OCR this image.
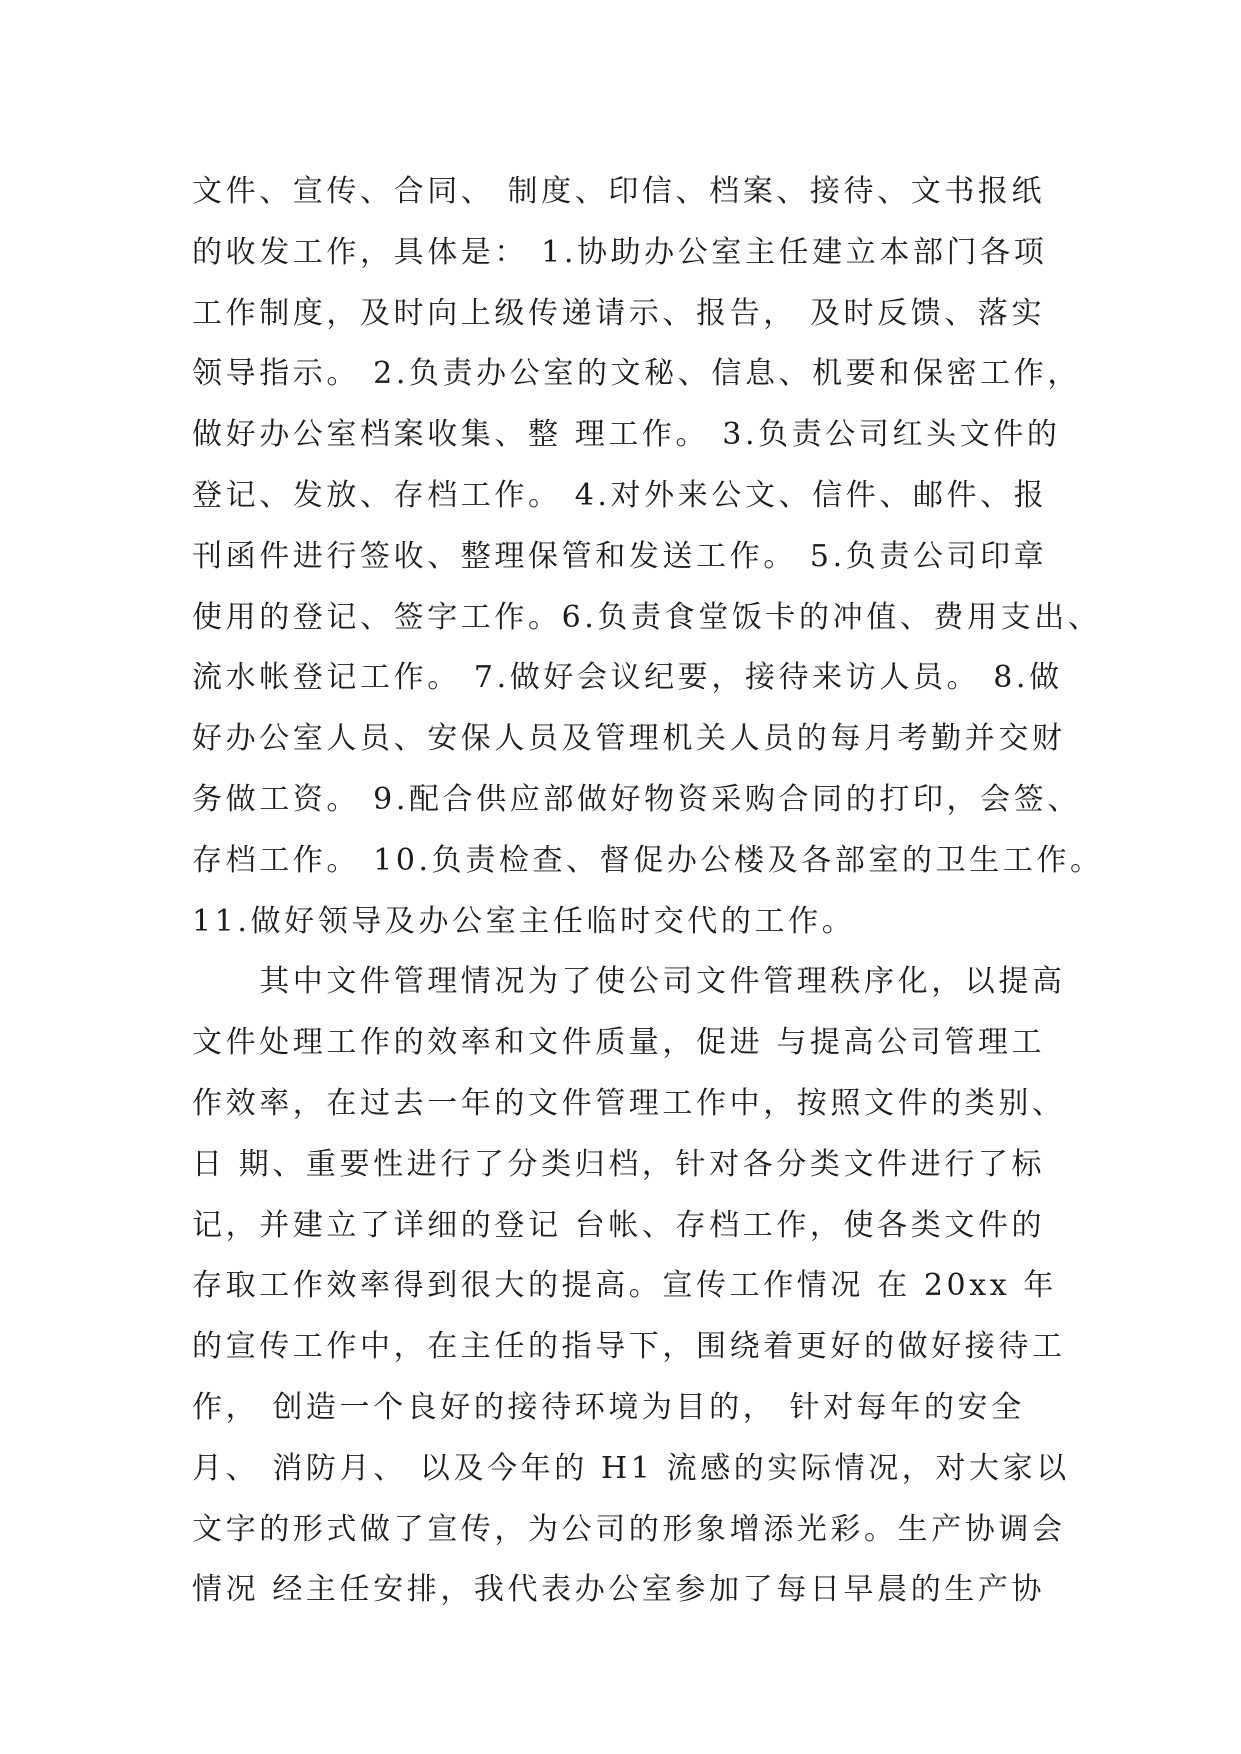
文件、宣传、合同、 制度、印信、档案、接待、文书报纸
的收发工作，具体是： 1.协助办公室主任建立本部门各项
工作制度，及时向上级传递请示、报告， 及时反馈、落实
领导指示。 2.负责办公室的文秘、信息、机要和保密工作，
做好办公室档案收集、整 理工作。 3.负责公司红头文件的
登记、发放、存档工作。 4.对外来公文、信件、邮件、报
刊函件进行签收、整理保管和发送工作。 5.负责公司印章
使用的登记、签字工作。6.负责食堂饭卡的冲值、费用支出、
流水帐登记工作。 7.做好会议纪要，接待来访人员。 8.做
好办公室人员、安保人员及管理机关人员的每月考勤并交财
务做工资。 9.配合供应部做好物资采购合同的打印，会签、
存档工作。 10.负责检查、督促办公楼及各部室的卫生工作。
11.做好领导及办公室主任临时交代的工作。
　　其中文件管理情况为了使公司文件管理秩序化，以提高
文件处理工作的效率和文件质量，促进 与提高公司管理工
作效率，在过去一年的文件管理工作中，按照文件的类别、
日 期、重要性进行了分类归档，针对各分类文件进行了标
记，并建立了详细的登记 台帐、存档工作，使各类文件的
存取工作效率得到很大的提高。宣传工作情况 在 20xx 年
的宣传工作中，在主任的指导下，围绕着更好的做好接待工
作， 创造一个良好的接待环境为目的， 针对每年的安全
月、 消防月、 以及今年的 H1 流感的实际情况，对大家以
文字的形式做了宣传，为公司的形象增添光彩。生产协调会
情况 经主任安排，我代表办公室参加了每日早晨的生产协
